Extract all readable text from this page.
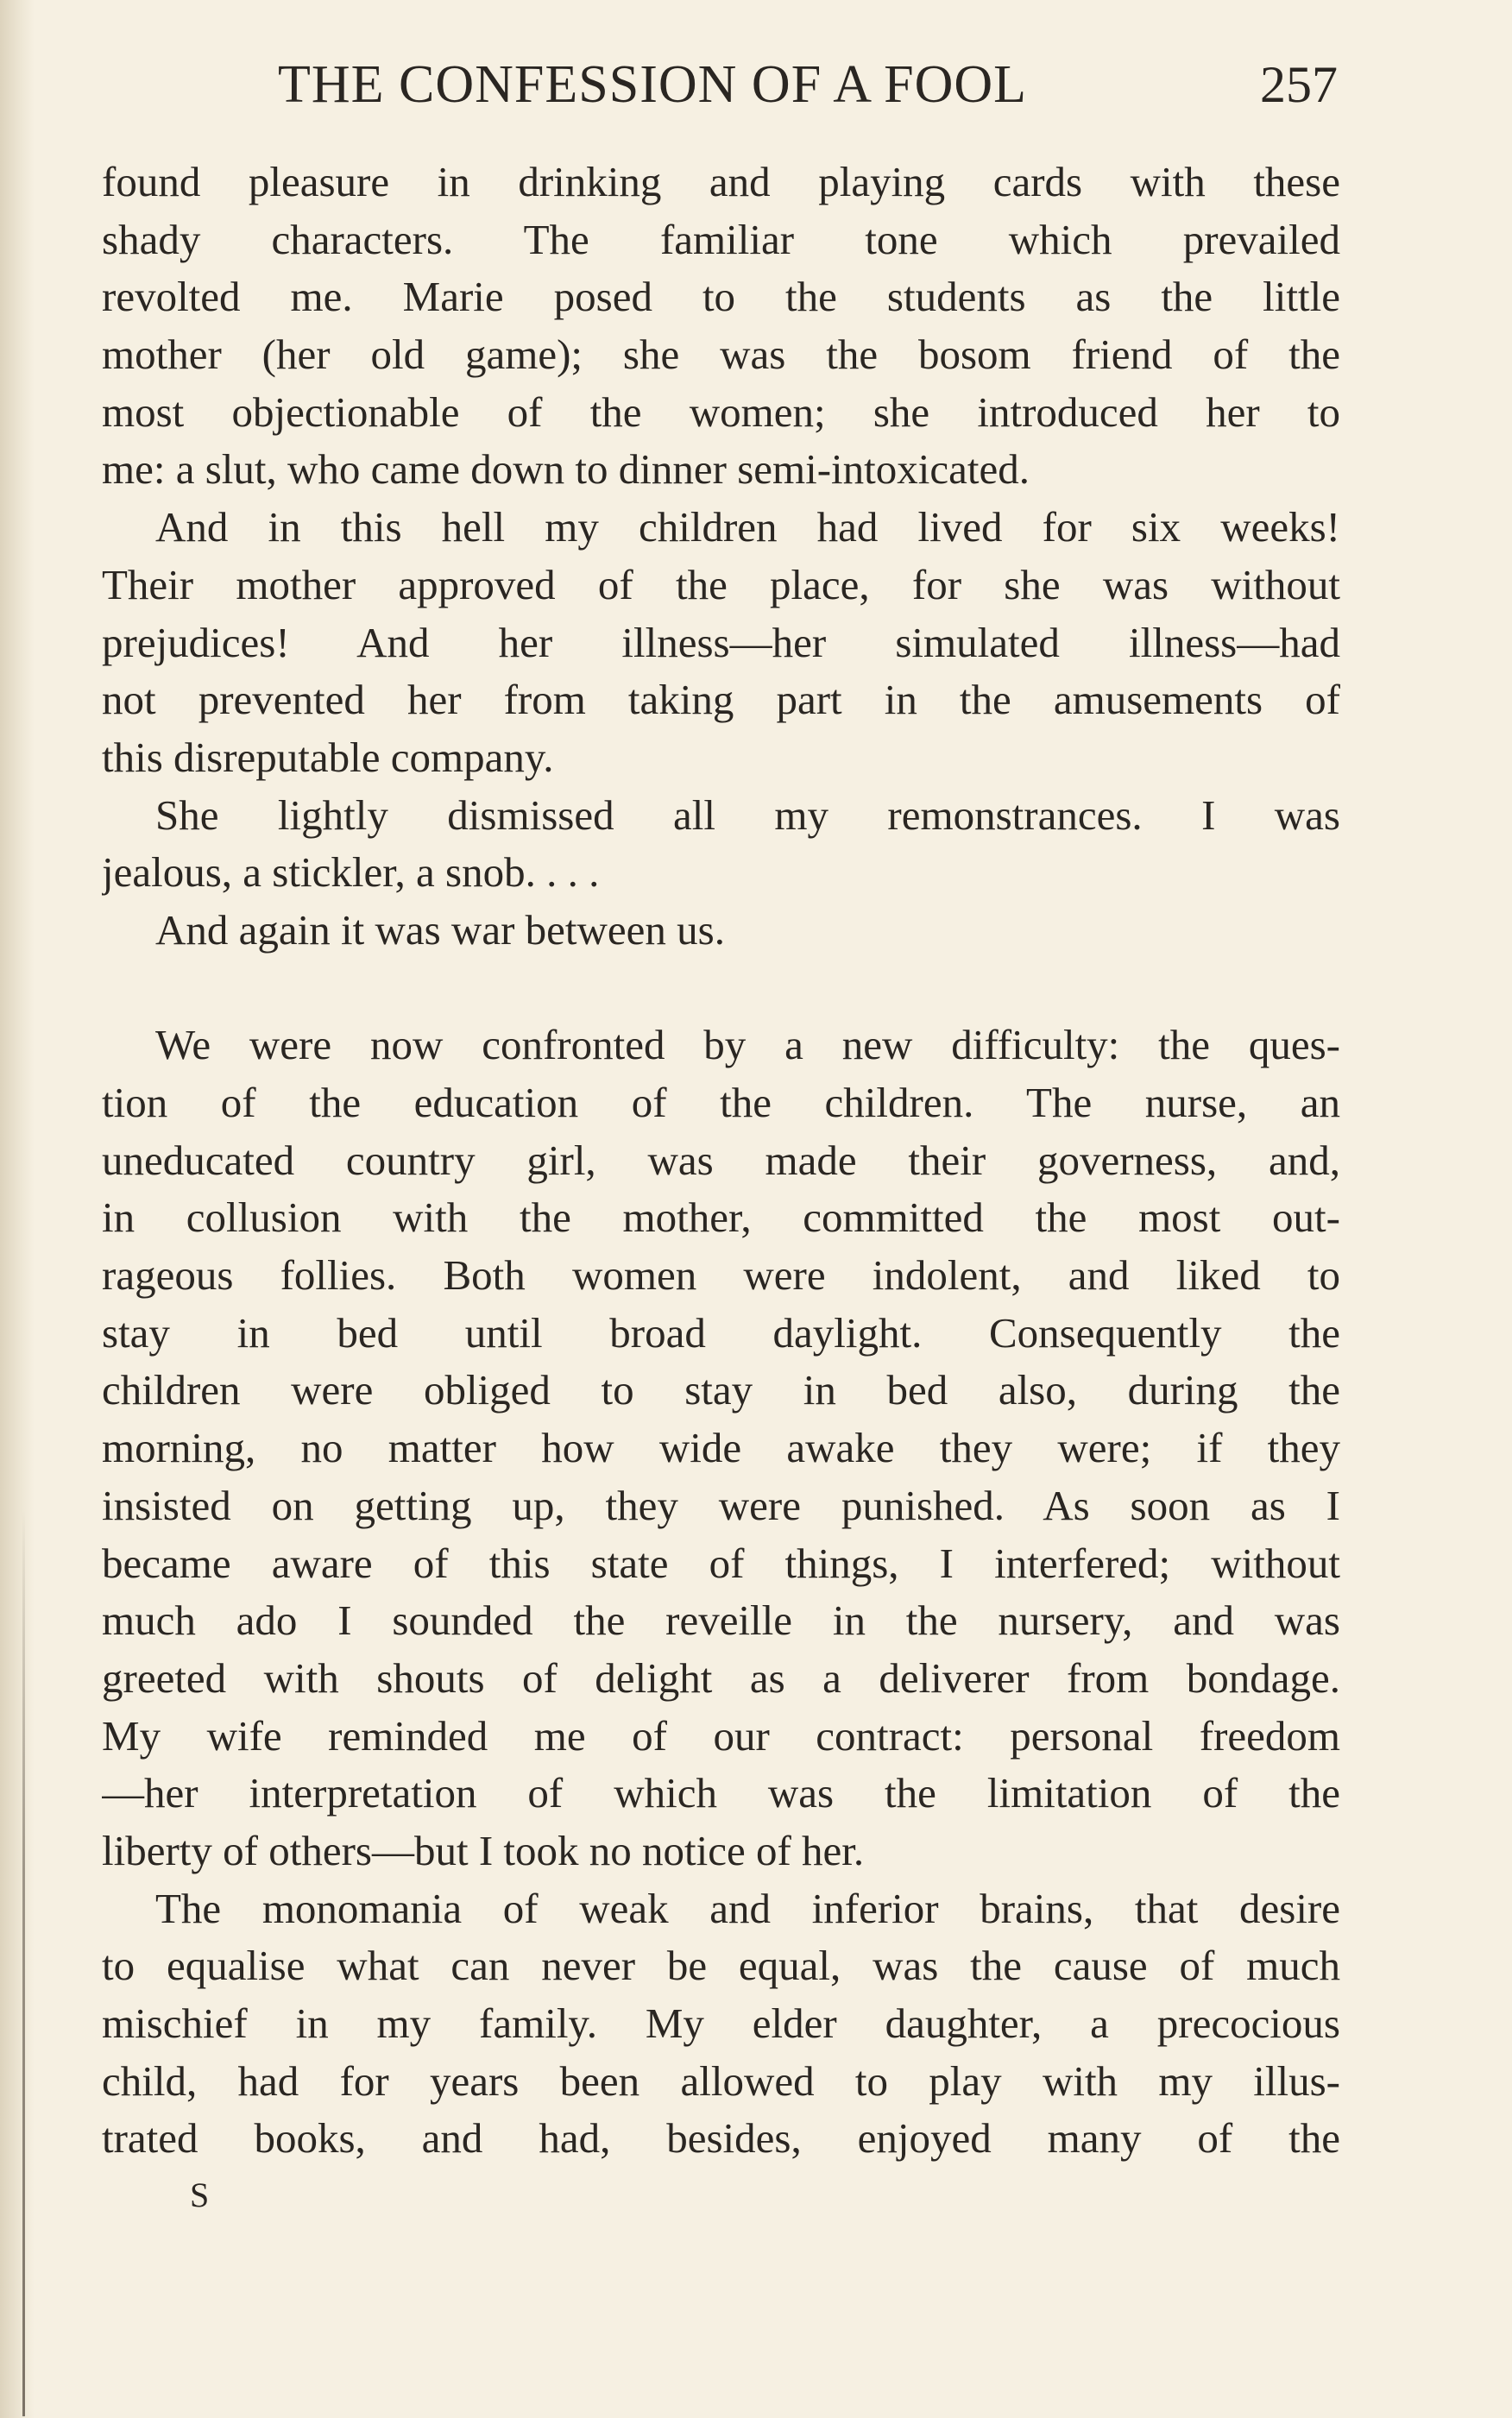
THE CONFESSION OF A FOOL	257
found pleasure in drinking and playing cards with these
shady characters. The familiar tone which prevailed
revolted me. Marie posed to the students as the little
mother (her old game); she was the bosom friend of the
most objectionable of the women; she introduced her to
me: a slut, who came down to dinner semi-intoxicated.
And in this hell my children had lived for six weeks!
Their mother approved of the place, for she was without
prejudices! And her illness—her simulated illness—had
not prevented her from taking part in the amusements of
this disreputable company.
She lightly dismissed all my remonstrances. I was
jealous, a stickler, a snob. . . .
And again it was war between us.
We were now confronted by a new difficulty: the ques-
tion of the education of the children. The nurse, an
uneducated country girl, was made their governess, and,
in collusion with the mother, committed the most out-
rageous follies. Both women were indolent, and liked to
stay in bed until broad daylight. Consequently the
children were obliged to stay in bed also, during the
morning, no matter how wide awake they were; if they
insisted on getting up, they were punished. As soon as I
became aware of this state of things, I interfered; without
much ado I sounded the reveille in the nursery, and was
greeted with shouts of delight as a deliverer from bondage.
My wife reminded me of our contract: personal freedom
—her interpretation of which was the limitation of the
liberty of others—but I took no notice of her.
The monomania of weak and inferior brains, that desire
to equalise what can never be equal, was the cause of much
mischief in my family. My elder daughter, a precocious
child, had for years been allowed to play with my illus-
trated books, and had, besides, enjoyed many of the
S
